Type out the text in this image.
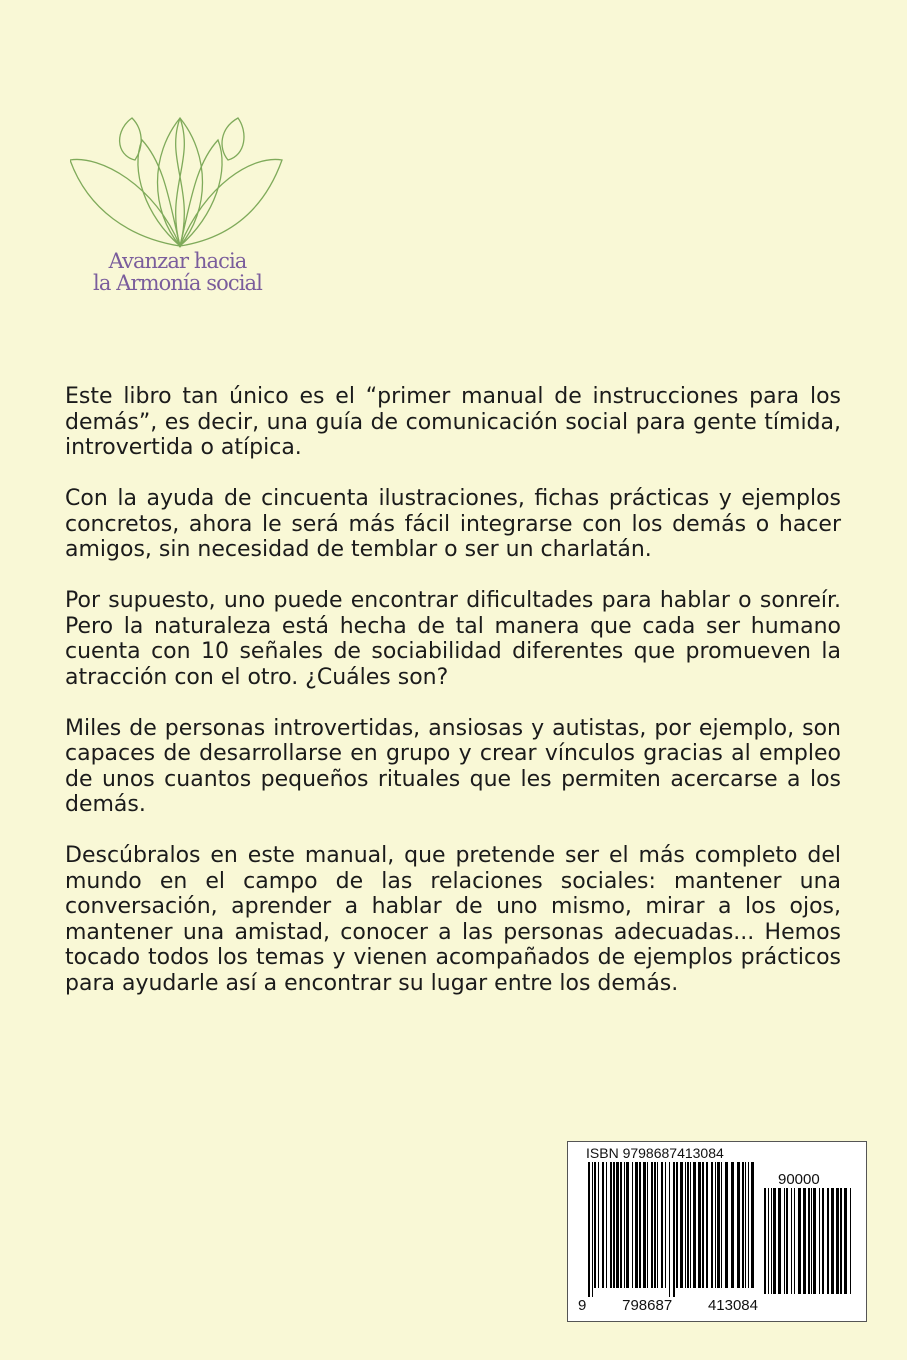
Avanzar hacia
la Armonía social

Este libro tan único es el “primer manual de instrucciones para los demás”, es decir, una guía de comunicación social para gente tímida, introvertida o atípica.

Con la ayuda de cincuenta ilustraciones, fichas prácticas y ejemplos concretos, ahora le será más fácil integrarse con los demás o hacer amigos, sin necesidad de temblar o ser un charlatán.

Por supuesto, uno puede encontrar dificultades para hablar o sonreír. Pero la naturaleza está hecha de tal manera que cada ser humano cuenta con 10 señales de sociabilidad diferentes que promueven la atracción con el otro. ¿Cuáles son?

Miles de personas introvertidas, ansiosas y autistas, por ejemplo, son capaces de desarrollarse en grupo y crear vínculos gracias al empleo de unos cuantos pequeños rituales que les permiten acercarse a los demás.

Descúbralos en este manual, que pretende ser el más completo del mundo en el campo de las relaciones sociales: mantener una conversación, aprender a hablar de uno mismo, mirar a los ojos, mantener una amistad, conocer a las personas adecuadas... Hemos tocado todos los temas y vienen acompañados de ejemplos prácticos para ayudarle así a encontrar su lugar entre los demás.

ISBN 9798687413084
90000
9 798687 413084
